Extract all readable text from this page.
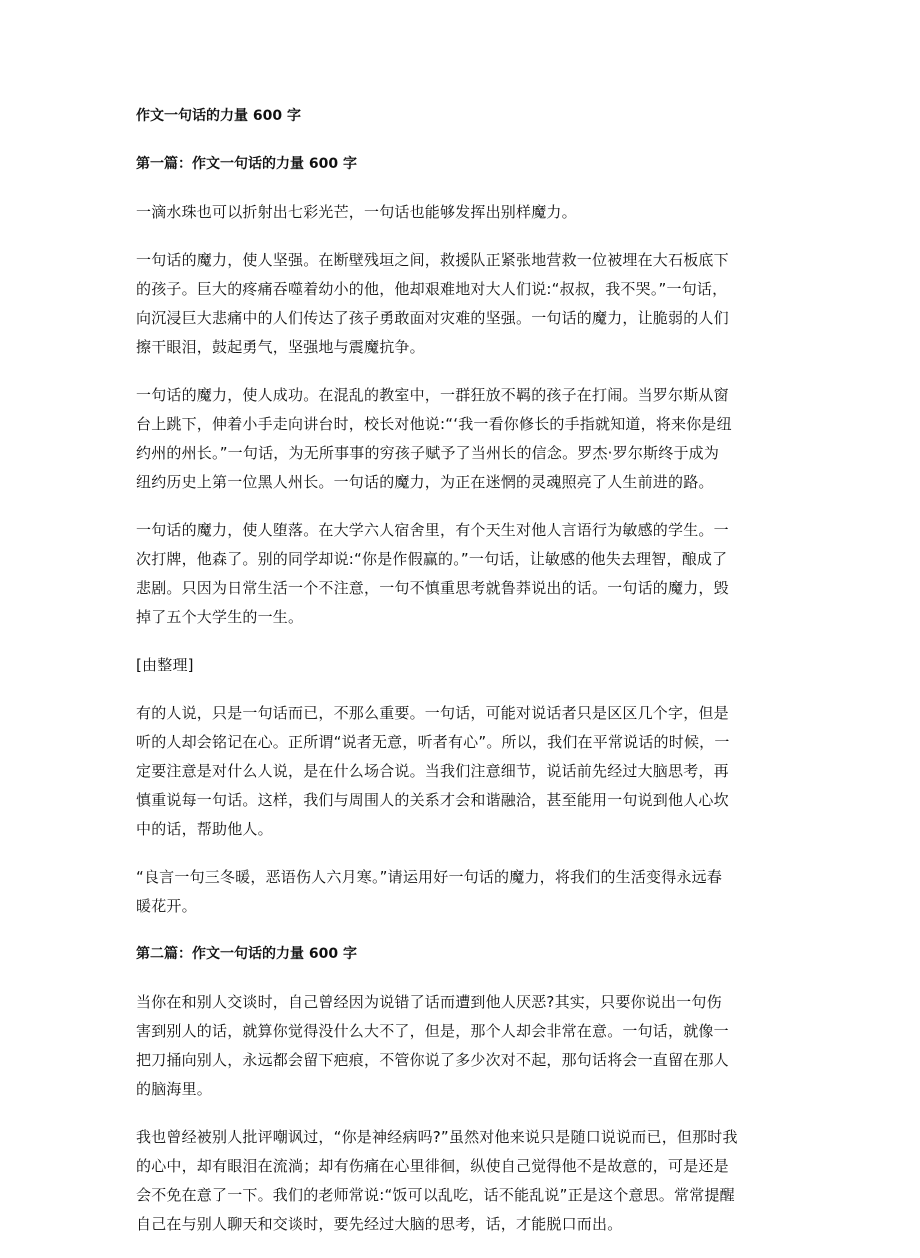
作文一句话的力量 600 字
第一篇：作文一句话的力量 600 字

一滴水珠也可以折射出七彩光芒，一句话也能够发挥出别样魔力。

一句话的魔力，使人坚强。在断壁残垣之间，救援队正紧张地营救一位被埋在大石板底下

的孩子。巨大的疼痛吞噬着幼小的他，他却艰难地对大人们说:“叔叔，我不哭。”一句话，

向沉浸巨大悲痛中的人们传达了孩子勇敢面对灾难的坚强。一句话的魔力，让脆弱的人们

擦干眼泪，鼓起勇气，坚强地与震魔抗争。

一句话的魔力，使人成功。在混乱的教室中，一群狂放不羁的孩子在打闹。当罗尔斯从窗

台上跳下，伸着小手走向讲台时，校长对他说:“‘我一看你修长的手指就知道，将来你是纽

约州的州长。”一句话，为无所事事的穷孩子赋予了当州长的信念。罗杰·罗尔斯终于成为

纽约历史上第一位黑人州长。一句话的魔力，为正在迷惘的灵魂照亮了人生前进的路。

一句话的魔力，使人堕落。在大学六人宿舍里，有个天生对他人言语行为敏感的学生。一

次打牌，他森了。别的同学却说:“你是作假赢的。”一句话，让敏感的他失去理智，酿成了

悲剧。只因为日常生活一个不注意，一句不慎重思考就鲁莽说出的话。一句话的魔力，毁

掉了五个大学生的一生。

[由整理]

有的人说，只是一句话而已，不那么重要。一句话，可能对说话者只是区区几个字，但是

听的人却会铭记在心。正所谓“说者无意，听者有心”。所以，我们在平常说话的时候，一

定要注意是对什么人说，是在什么场合说。当我们注意细节，说话前先经过大脑思考，再

慎重说每一句话。这样，我们与周围人的关系才会和谐融洽，甚至能用一句说到他人心坎

中的话，帮助他人。

“良言一句三冬暖，恶语伤人六月寒。”请运用好一句话的魔力，将我们的生活变得永远春

暖花开。

第二篇：作文一句话的力量 600 字

当你在和别人交谈时，自己曾经因为说错了话而遭到他人厌恶?其实，只要你说出一句伤

害到别人的话，就算你觉得没什么大不了，但是，那个人却会非常在意。一句话，就像一

把刀捅向别人，永远都会留下疤痕，不管你说了多少次对不起，那句话将会一直留在那人

的脑海里。

我也曾经被别人批评嘲讽过，“你是神经病吗?”虽然对他来说只是随口说说而已，但那时我

的心中，却有眼泪在流淌；却有伤痛在心里徘徊，纵使自己觉得他不是故意的，可是还是

会不免在意了一下。我们的老师常说:“饭可以乱吃，话不能乱说”正是这个意思。常常提醒

自己在与别人聊天和交谈时，要先经过大脑的思考，话，才能脱口而出。
